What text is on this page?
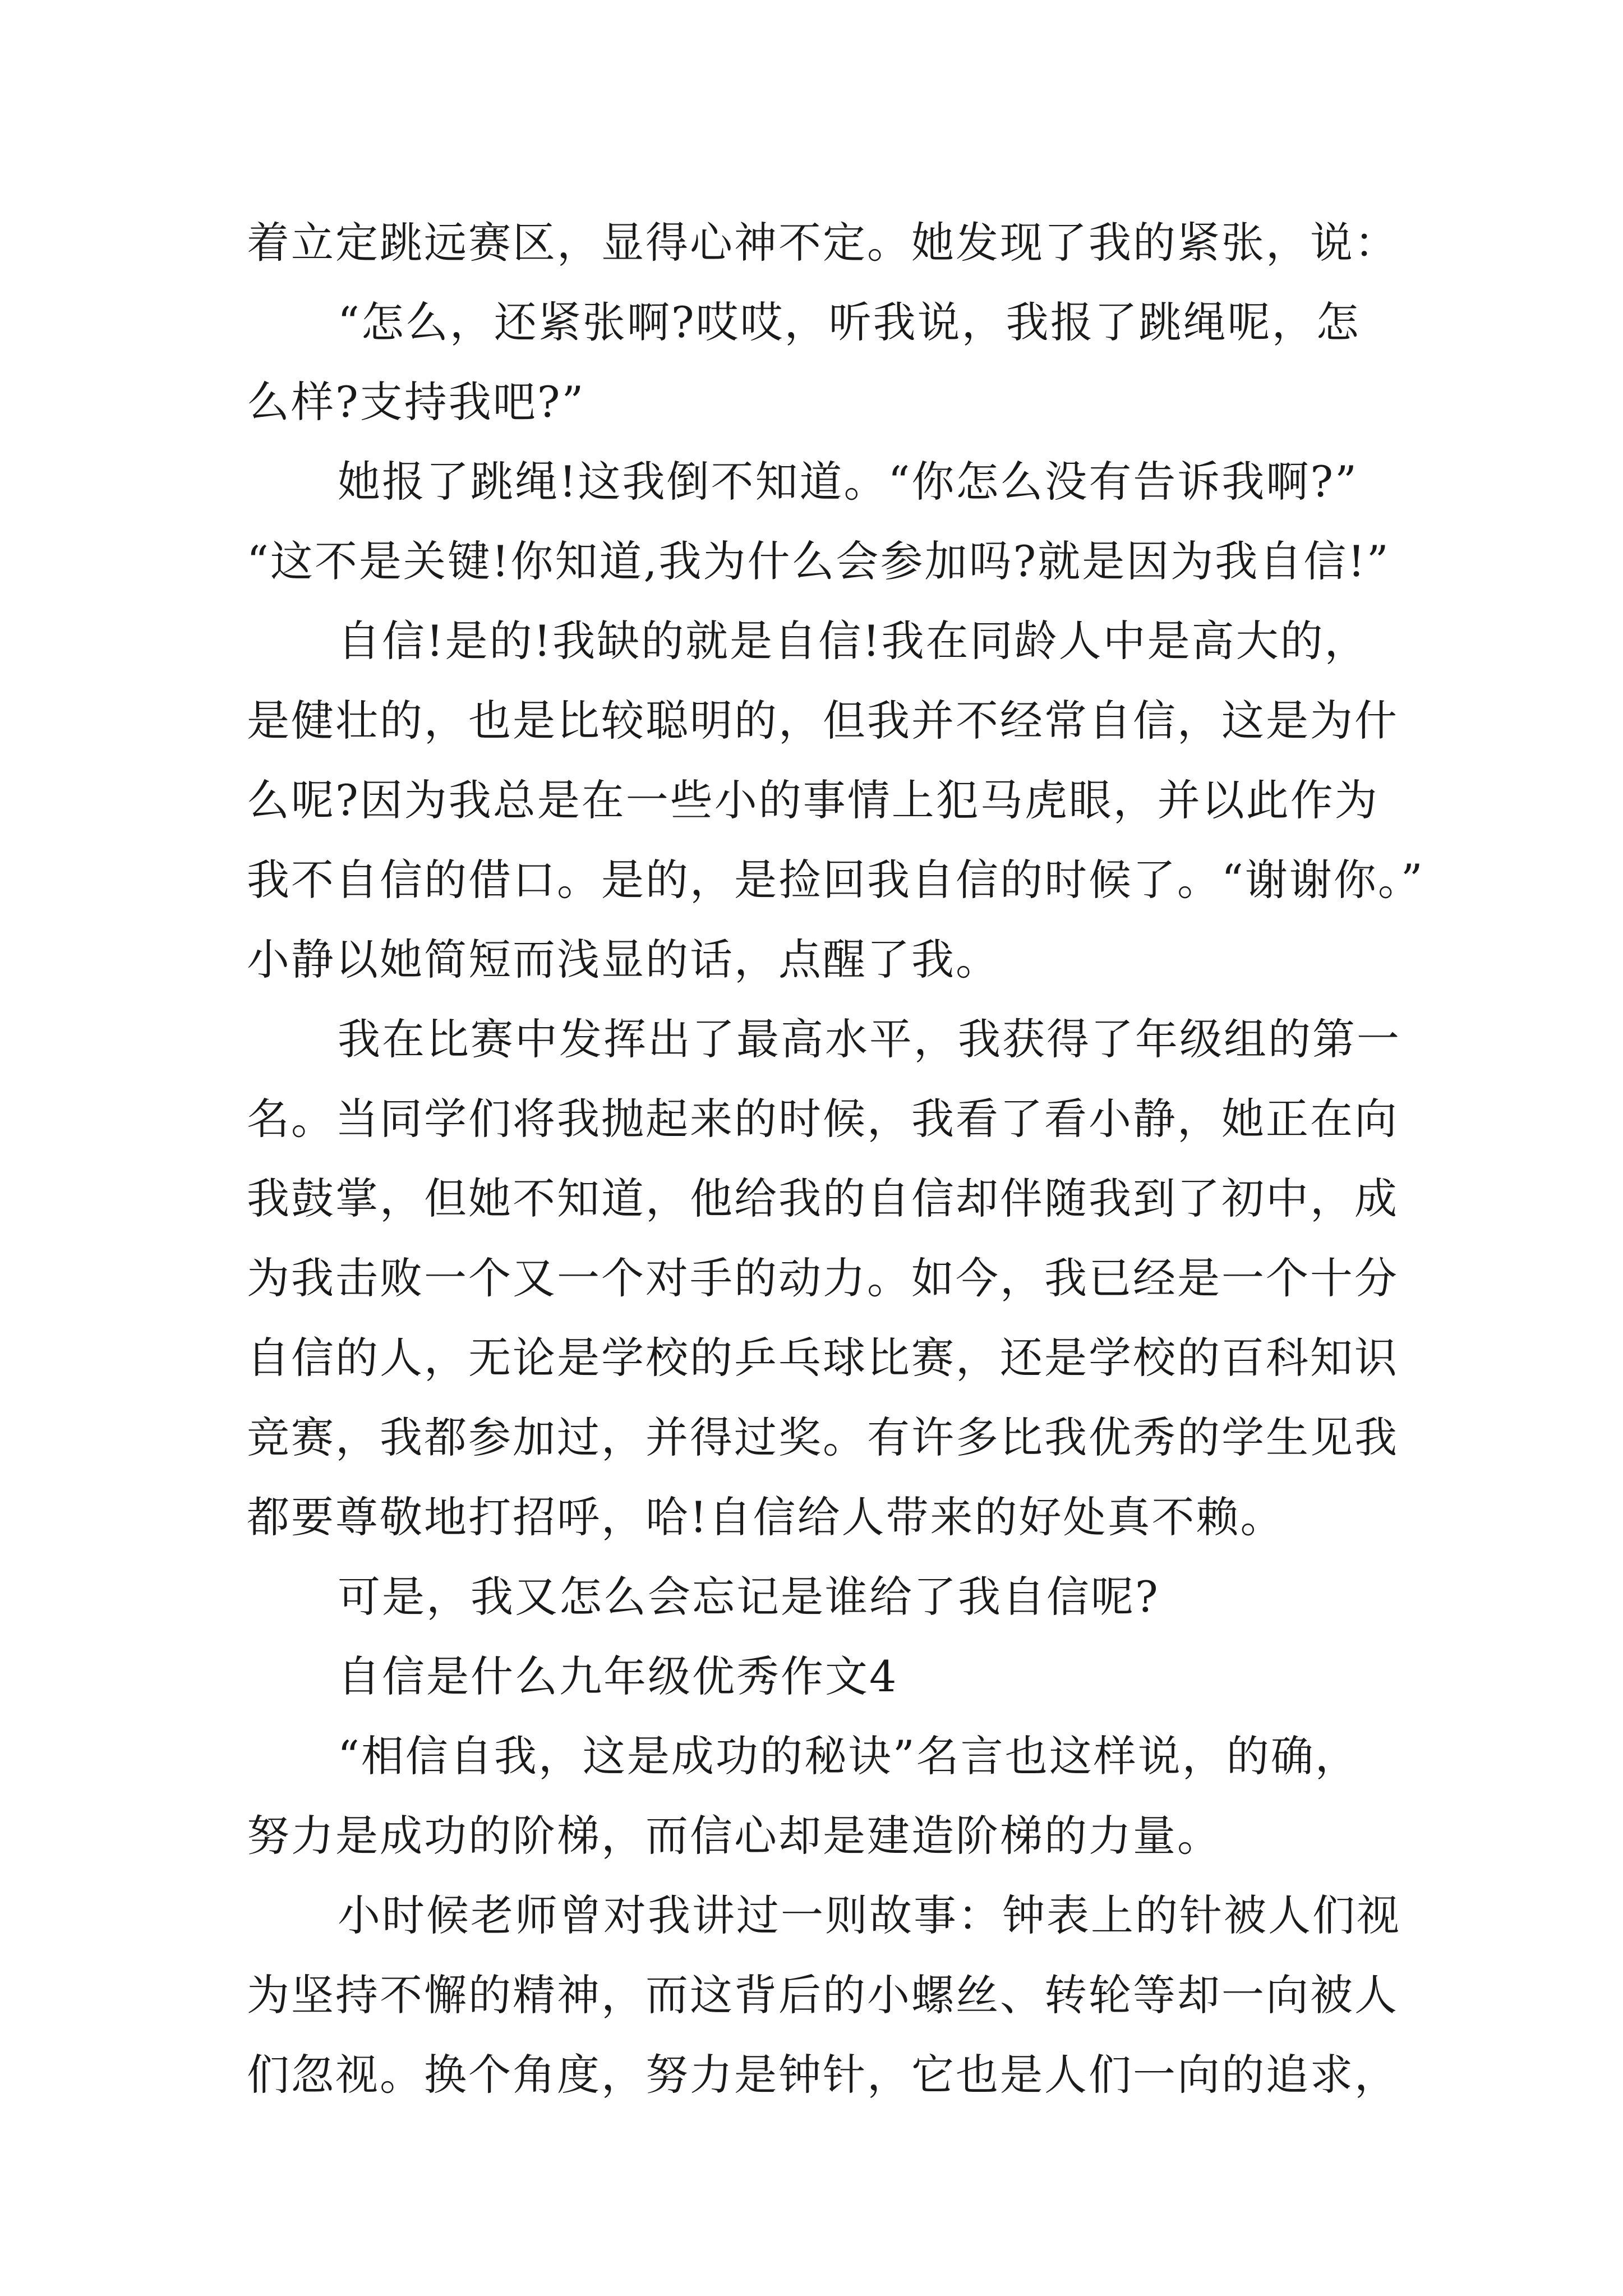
着立定跳远赛区，显得心神不定。她发现了我的紧张，说：
“怎么，还紧张啊?哎哎，听我说，我报了跳绳呢，怎
么样?支持我吧?”
她报了跳绳!这我倒不知道。“你怎么没有告诉我啊?”
“这不是关键!你知道,我为什么会参加吗?就是因为我自信!”
自信!是的!我缺的就是自信!我在同龄人中是高大的，
是健壮的，也是比较聪明的，但我并不经常自信，这是为什
么呢?因为我总是在一些小的事情上犯马虎眼，并以此作为
我不自信的借口。是的，是捡回我自信的时候了。“谢谢你。”
小静以她简短而浅显的话，点醒了我。
我在比赛中发挥出了最高水平，我获得了年级组的第一
名。当同学们将我抛起来的时候，我看了看小静，她正在向
我鼓掌，但她不知道，他给我的自信却伴随我到了初中，成
为我击败一个又一个对手的动力。如今，我已经是一个十分
自信的人，无论是学校的乒乓球比赛，还是学校的百科知识
竞赛，我都参加过，并得过奖。有许多比我优秀的学生见我
都要尊敬地打招呼，哈!自信给人带来的好处真不赖。
可是，我又怎么会忘记是谁给了我自信呢?
自信是什么九年级优秀作文4
“相信自我，这是成功的秘诀”名言也这样说，的确，
努力是成功的阶梯，而信心却是建造阶梯的力量。
小时候老师曾对我讲过一则故事：钟表上的针被人们视
为坚持不懈的精神，而这背后的小螺丝、转轮等却一向被人
们忽视。换个角度，努力是钟针，它也是人们一向的追求，
